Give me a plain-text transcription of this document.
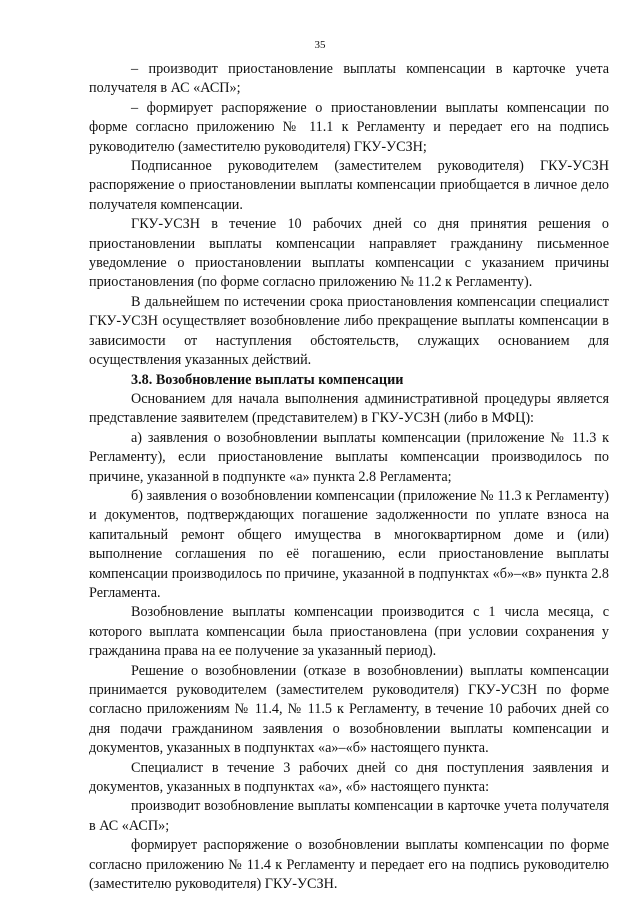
35

– производит приостановление выплаты компенсации в карточке учета получателя в АС «АСП»;

– формирует распоряжение о приостановлении выплаты компенсации по форме согласно приложению № 11.1 к Регламенту и передает его на подпись руководителю (заместителю руководителя) ГКУ-УСЗН;

Подписанное руководителем (заместителем руководителя) ГКУ-УСЗН распоряжение о приостановлении выплаты компенсации приобщается в личное дело получателя компенсации.

ГКУ-УСЗН в течение 10 рабочих дней со дня принятия решения о приостановлении выплаты компенсации направляет гражданину письменное уведомление о приостановлении выплаты компенсации с указанием причины приостановления (по форме согласно приложению № 11.2 к Регламенту).

В дальнейшем по истечении срока приостановления компенсации специалист ГКУ-УСЗН осуществляет возобновление либо прекращение выплаты компенсации в зависимости от наступления обстоятельств, служащих основанием для осуществления указанных действий.

3.8. Возобновление выплаты компенсации

Основанием для начала выполнения административной процедуры является представление заявителем (представителем) в ГКУ-УСЗН (либо в МФЦ):

а) заявления о возобновлении выплаты компенсации (приложение № 11.3 к Регламенту), если приостановление выплаты компенсации производилось по причине, указанной в подпункте «а» пункта 2.8 Регламента;

б) заявления о возобновлении компенсации (приложение № 11.3 к Регламенту) и документов, подтверждающих погашение задолженности по уплате взноса на капитальный ремонт общего имущества в многоквартирном доме и (или) выполнение соглашения по её погашению, если приостановление выплаты компенсации производилось по причине, указанной в подпунктах «б»–«в» пункта 2.8 Регламента.

Возобновление выплаты компенсации производится с 1 числа месяца, с которого выплата компенсации была приостановлена (при условии сохранения у гражданина права на ее получение за указанный период).

Решение о возобновлении (отказе в возобновлении) выплаты компенсации принимается руководителем (заместителем руководителя) ГКУ-УСЗН по форме согласно приложениям № 11.4, № 11.5 к Регламенту, в течение 10 рабочих дней со дня подачи гражданином заявления о возобновлении выплаты компенсации и документов, указанных в подпунктах «а»–«б» настоящего пункта.

Специалист в течение 3 рабочих дней со дня поступления заявления и документов, указанных в подпунктах «а», «б» настоящего пункта:

производит возобновление выплаты компенсации в карточке учета получателя в АС «АСП»;

формирует распоряжение о возобновлении выплаты компенсации по форме согласно приложению № 11.4 к Регламенту и передает его на подпись руководителю (заместителю руководителя) ГКУ-УСЗН.
